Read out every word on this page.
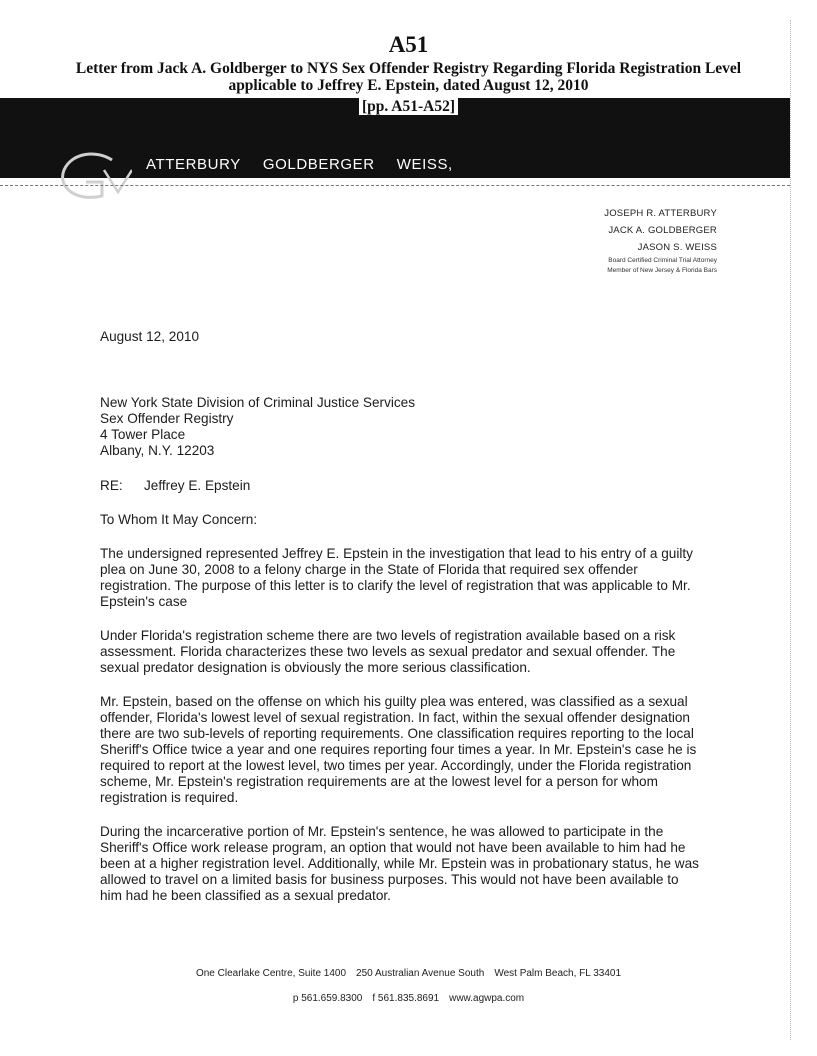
A51
Letter from Jack A. Goldberger to NYS Sex Offender Registry Regarding Florida Registration Level
applicable to Jeffrey E. Epstein, dated August 12, 2010
[pp. A51-A52]
ATTERBURY GOLDBERGER WEISS,
JOSEPH R. ATTERBURY
JACK A. GOLDBERGER
JASON S. WEISS
Board Certified Criminal Trial Attorney
Member of New Jersey & Florida Bars
August 12, 2010
New York State Division of Criminal Justice Services
Sex Offender Registry
4 Tower Place
Albany, N.Y. 12203
RE: Jeffrey E. Epstein
To Whom It May Concern:

The undersigned represented Jeffrey E. Epstein in the investigation that lead to his entry of a guilty plea on June 30, 2008 to a felony charge in the State of Florida that required sex offender registration. The purpose of this letter is to clarify the level of registration that was applicable to Mr. Epstein's case

Under Florida's registration scheme there are two levels of registration available based on a risk assessment. Florida characterizes these two levels as sexual predator and sexual offender. The sexual predator designation is obviously the more serious classification.

Mr. Epstein, based on the offense on which his guilty plea was entered, was classified as a sexual offender, Florida's lowest level of sexual registration. In fact, within the sexual offender designation there are two sub-levels of reporting requirements. One classification requires reporting to the local Sheriff's Office twice a year and one requires reporting four times a year. In Mr. Epstein's case he is required to report at the lowest level, two times per year. Accordingly, under the Florida registration scheme, Mr. Epstein's registration requirements are at the lowest level for a person for whom registration is required.

During the incarcerative portion of Mr. Epstein's sentence, he was allowed to participate in the Sheriff's Office work release program, an option that would not have been available to him had he been at a higher registration level. Additionally, while Mr. Epstein was in probationary status, he was allowed to travel on a limited basis for business purposes. This would not have been available to him had he been classified as a sexual predator.

One Clearlake Centre, Suite 1400 250 Australian Avenue South West Palm Beach, FL 33401
p 561.659.8300 f 561.835.8691 www.agwpa.com
